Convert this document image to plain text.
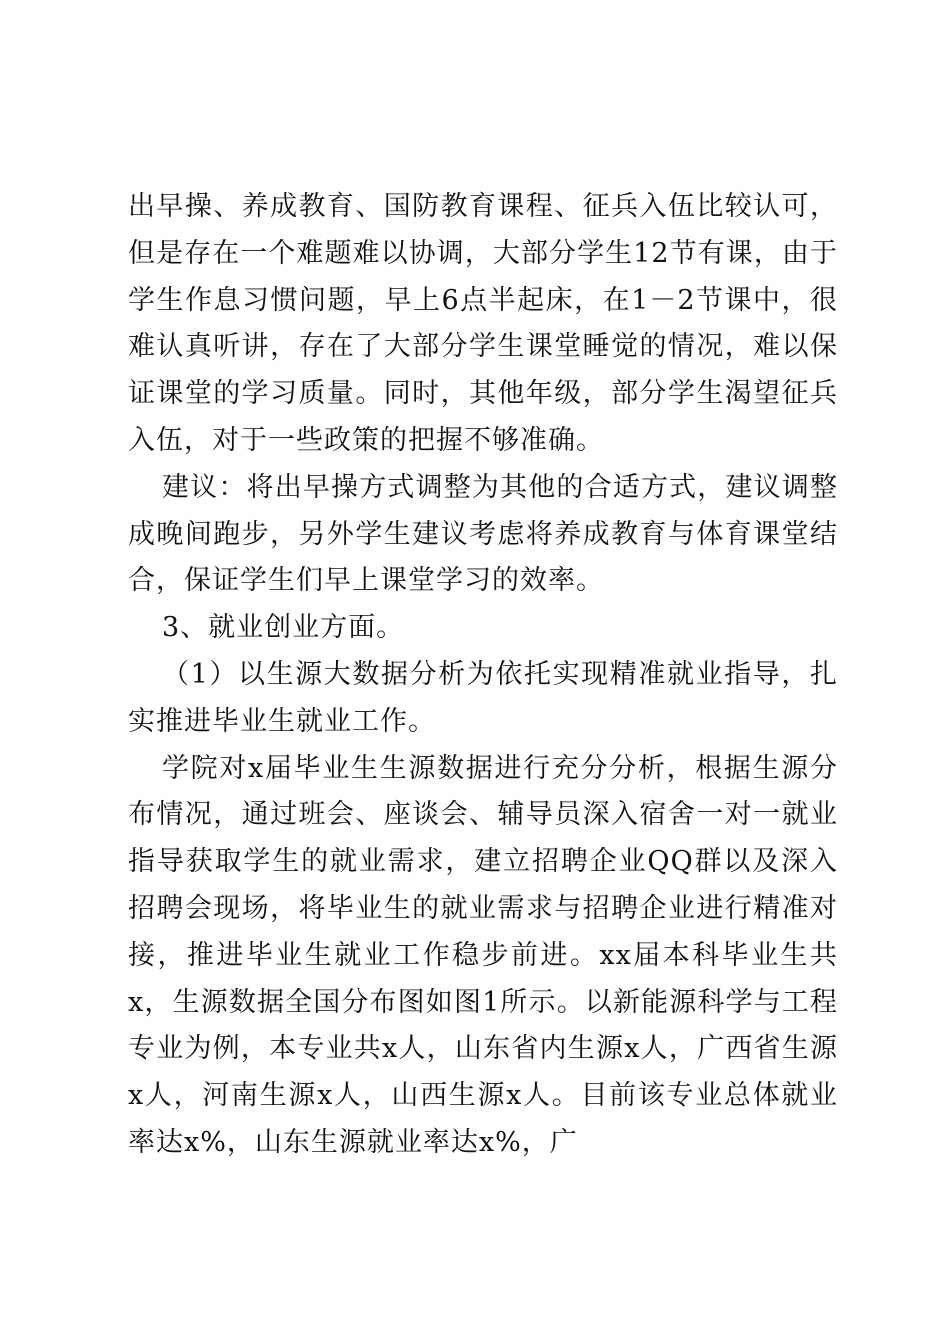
出早操、养成教育、国防教育课程、征兵入伍比较认可，但是存在一个难题难以协调，大部分学生12节有课，由于学生作息习惯问题，早上6点半起床，在1－2节课中，很难认真听讲，存在了大部分学生课堂睡觉的情况，难以保证课堂的学习质量。同时，其他年级，部分学生渴望征兵入伍，对于一些政策的把握不够准确。

建议：将出早操方式调整为其他的合适方式，建议调整成晚间跑步，另外学生建议考虑将养成教育与体育课堂结合，保证学生们早上课堂学习的效率。

3、就业创业方面。

（1）以生源大数据分析为依托实现精准就业指导，扎实推进毕业生就业工作。

学院对x届毕业生生源数据进行充分分析，根据生源分布情况，通过班会、座谈会、辅导员深入宿舍一对一就业指导获取学生的就业需求，建立招聘企业QQ群以及深入招聘会现场，将毕业生的就业需求与招聘企业进行精准对接，推进毕业生就业工作稳步前进。xx届本科毕业生共x，生源数据全国分布图如图1所示。以新能源科学与工程专业为例，本专业共x人，山东省内生源x人，广西省生源x人，河南生源x人，山西生源x人。目前该专业总体就业率达x%，山东生源就业率达x%，广
